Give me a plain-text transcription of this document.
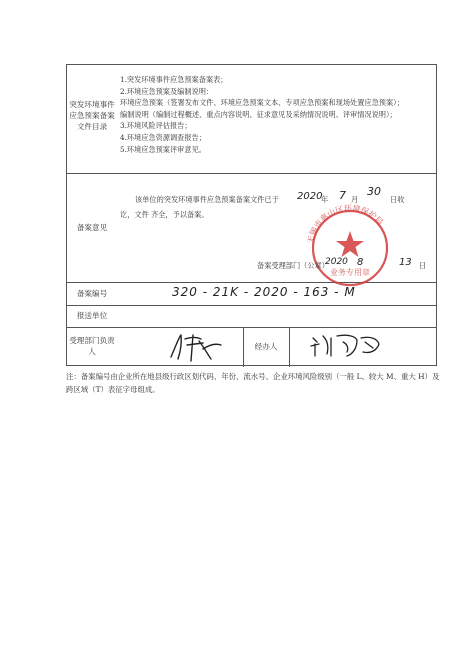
突发环境事件应急预案备案文件目录
1.突发环境事件应急预案备案表；
2.环境应急预案及编制说明：
环境应急预案（签署发布文件、环境应急预案文本、专项应急预案和现场处置应急预案）；
编制说明（编制过程概述、重点内容说明、征求意见及采纳情况说明、评审情况说明）；
3.环境风险评估报告；
4.环境应急资源调查报告；
5.环境应急预案评审意见。
备案意见
该单位的突发环境事件应急预案备案文件已于 2020
年 7 月
30
日收
讫，文件 齐全，予以备案。
无锡市惠山区环境保护局
业务专用章
备案受理部门（公章）
2020 8	13 日
备案编号	320 - 21K - 2020 - 163 - M
报送单位
受理部门负责人
经办人
注：备案编号由企业所在地县级行政区划代码、年份、流水号、企业环境风险级别（一般 L、较大 M、重大 H）及跨区域（T）表征字母组成。
